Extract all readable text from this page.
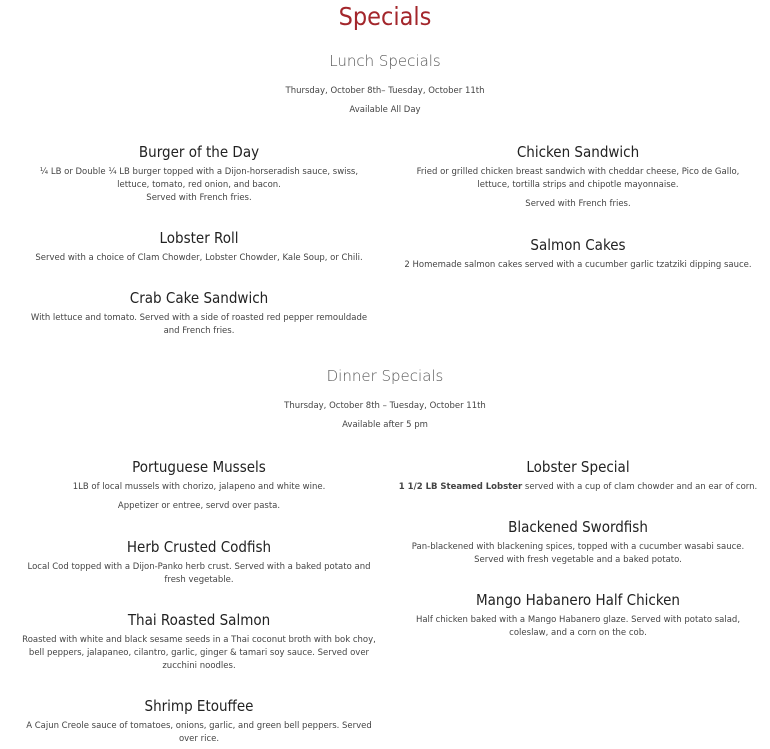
Specials
Lunch Specials
Thursday, October 8th– Tuesday, October 11th
Available All Day
Burger of the Day
¼ LB or Double ¼ LB burger topped with a Dijon-horseradish sauce, swiss, lettuce, tomato, red onion, and bacon.
Served with French fries.
Lobster Roll
Served with a choice of Clam Chowder, Lobster Chowder, Kale Soup, or Chili.
Crab Cake Sandwich
With lettuce and tomato. Served with a side of roasted red pepper remouldade and French fries.
Chicken Sandwich
Fried or grilled chicken breast sandwich with cheddar cheese, Pico de Gallo, lettuce, tortilla strips and chipotle mayonnaise.
Served with French fries.
Salmon Cakes
2 Homemade salmon cakes served with a cucumber garlic tzatziki dipping sauce.
Dinner Specials
Thursday, October 8th – Tuesday, October 11th
Available after 5 pm
Portuguese Mussels
1LB of local mussels with chorizo, jalapeno and white wine.
Appetizer or entree, servd over pasta.
Herb Crusted Codfish
Local Cod topped with a Dijon-Panko herb crust. Served with a baked potato and fresh vegetable.
Thai Roasted Salmon
Roasted with white and black sesame seeds in a Thai coconut broth with bok choy, bell peppers, jalapaneo, cilantro, garlic, ginger & tamari soy sauce. Served over zucchini noodles.
Shrimp Etouffee
A Cajun Creole sauce of tomatoes, onions, garlic, and green bell peppers. Served over rice.
Lobster Special
1 1/2 LB Steamed Lobster served with a cup of clam chowder and an ear of corn.
Blackened Swordfish
Pan-blackened with blackening spices, topped with a cucumber wasabi sauce. Served with fresh vegetable and a baked potato.
Mango Habanero Half Chicken
Half chicken baked with a Mango Habanero glaze. Served with potato salad, coleslaw, and a corn on the cob.
